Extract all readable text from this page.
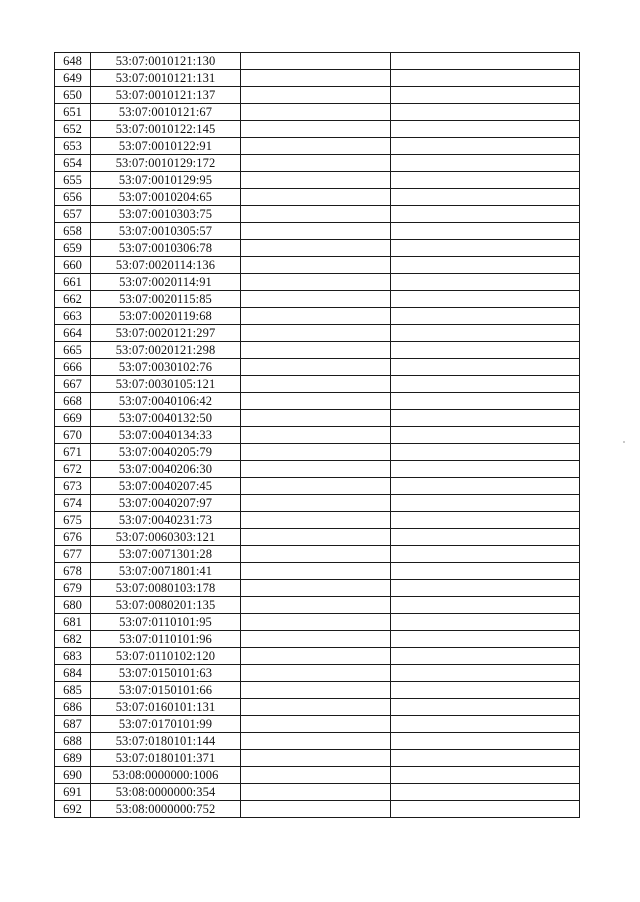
648	53:07:0010121:130		
649	53:07:0010121:131		
650	53:07:0010121:137		
651	53:07:0010121:67		
652	53:07:0010122:145		
653	53:07:0010122:91		
654	53:07:0010129:172		
655	53:07:0010129:95		
656	53:07:0010204:65		
657	53:07:0010303:75		
658	53:07:0010305:57		
659	53:07:0010306:78		
660	53:07:0020114:136		
661	53:07:0020114:91		
662	53:07:0020115:85		
663	53:07:0020119:68		
664	53:07:0020121:297		
665	53:07:0020121:298		
666	53:07:0030102:76		
667	53:07:0030105:121		
668	53:07:0040106:42		
669	53:07:0040132:50		
670	53:07:0040134:33		
671	53:07:0040205:79		
672	53:07:0040206:30		
673	53:07:0040207:45		
674	53:07:0040207:97		
675	53:07:0040231:73		
676	53:07:0060303:121		
677	53:07:0071301:28		
678	53:07:0071801:41		
679	53:07:0080103:178		
680	53:07:0080201:135		
681	53:07:0110101:95		
682	53:07:0110101:96		
683	53:07:0110102:120		
684	53:07:0150101:63		
685	53:07:0150101:66		
686	53:07:0160101:131		
687	53:07:0170101:99		
688	53:07:0180101:144		
689	53:07:0180101:371		
690	53:08:0000000:1006		
691	53:08:0000000:354		
692	53:08:0000000:752		
